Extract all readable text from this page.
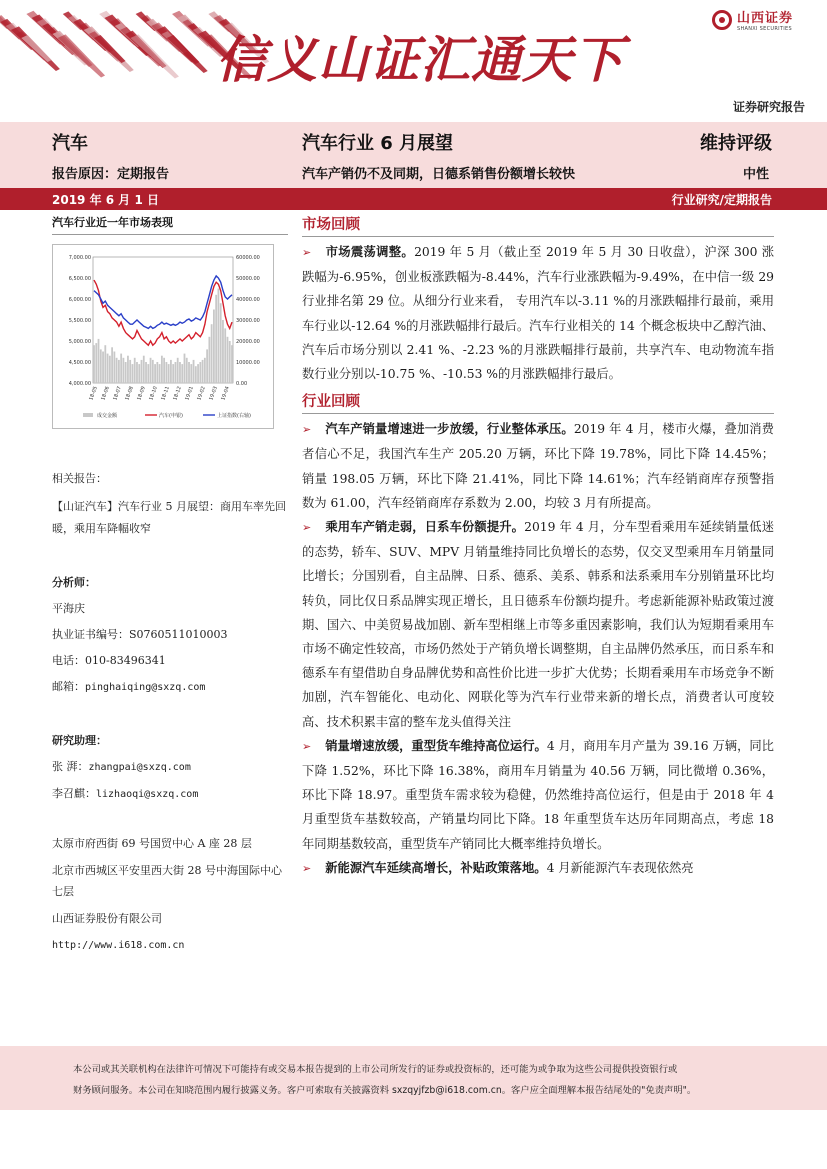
信义山证汇通天下
山西证券
SHANXI SECURITIES
证券研究报告
汽车	汽车行业 6 月展望	维持评级
报告原因：定期报告	汽车产销仍不及同期，日德系销售份额增长较快	中性
2019 年 6 月 1 日	行业研究/定期报告
汽车行业近一年市场表现
7,000.00
6,500.00
6,000.00
5,500.00
5,000.00
4,500.00
4,000.00
60000.00
50000.00
40000.00
30000.00
20000.00
10000.00
0.00
18-05 18-06 18-07 18-08 18-09 18-10 18-11 18-12 19-01 19-02 19-03 19-04
成交金额	汽车(申银)	上证指数(右轴)
相关报告：
【山证汽车】汽车行业 5 月展望：商用车率先回暖，乘用车降幅收窄
分析师：
平海庆
执业证书编号：S0760511010003
电话：010-83496341
邮箱：pinghaiqing@sxzq.com
研究助理：
张 湃：zhangpai@sxzq.com
李召麒：lizhaoqi@sxzq.com
太原市府西街 69 号国贸中心 A 座 28 层
北京市西城区平安里西大街 28 号中海国际中心七层
山西证券股份有限公司
http://www.i618.com.cn
市场回顾

➢ 市场震荡调整。2019 年 5 月（截止至 2019 年 5 月 30 日收盘），沪深 300 涨跌幅为-6.95%，创业板涨跌幅为-8.44%，汽车行业涨跌幅为-9.49%，在中信一级 29 行业排名第 29 位。从细分行业来看， 专用汽车以-3.11 %的月涨跌幅排行最前，乘用车行业以-12.64 %的月涨跌幅排行最后。汽车行业相关的 14 个概念板块中乙醇汽油、汽车后市场分别以 2.41 %、-2.23 %的月涨跌幅排行最前，共享汽车、电动物流车指数行业分别以-10.75 %、-10.53 %的月涨跌幅排行最后。

行业回顾

➢ 汽车产销量增速进一步放缓，行业整体承压。2019 年 4 月，楼市火爆，叠加消费者信心不足，我国汽车生产 205.20 万辆，环比下降 19.78%，同比下降 14.45%；销量 198.05 万辆，环比下降 21.41%，同比下降 14.61%；汽车经销商库存预警指数为 61.00，汽车经销商库存系数为 2.00，均较 3 月有所提高。

➢ 乘用车产销走弱，日系车份额提升。2019 年 4 月，分车型看乘用车延续销量低迷的态势，轿车、SUV、MPV 月销量维持同比负增长的态势，仅交叉型乘用车月销量同比增长；分国别看，自主品牌、日系、德系、美系、韩系和法系乘用车分别销量环比均转负，同比仅日系品牌实现正增长，且日德系车份额均提升。考虑新能源补贴政策过渡期、国六、中美贸易战加剧、新车型相继上市等多重因素影响，我们认为短期看乘用车市场不确定性较高，市场仍然处于产销负增长调整期，自主品牌仍然承压，而日系车和德系车有望借助自身品牌优势和高性价比进一步扩大优势；长期看乘用车市场竞争不断加剧，汽车智能化、电动化、网联化等为汽车行业带来新的增长点，消费者认可度较高、技术积累丰富的整车龙头值得关注

➢ 销量增速放缓，重型货车维持高位运行。4 月，商用车月产量为 39.16 万辆，同比下降 1.52%，环比下降 16.38%，商用车月销量为 40.56 万辆，同比微增 0.36%，环比下降 18.97。重型货车需求较为稳健，仍然维持高位运行，但是由于 2018 年 4 月重型货车基数较高，产销量均同比下降。18 年重型货车达历年同期高点，考虑 18 年同期基数较高，重型货车产销同比大概率维持负增长。

➢ 新能源汽车延续高增长，补贴政策落地。4 月新能源汽车表现依然亮

本公司或其关联机构在法律许可情况下可能持有或交易本报告提到的上市公司所发行的证券或投资标的，还可能为或争取为这些公司提供投资银行或
财务顾问服务。本公司在知晓范围内履行披露义务。客户可索取有关披露资料 sxzqyjfzb@i618.com.cn。客户应全面理解本报告结尾处的"免责声明"。
